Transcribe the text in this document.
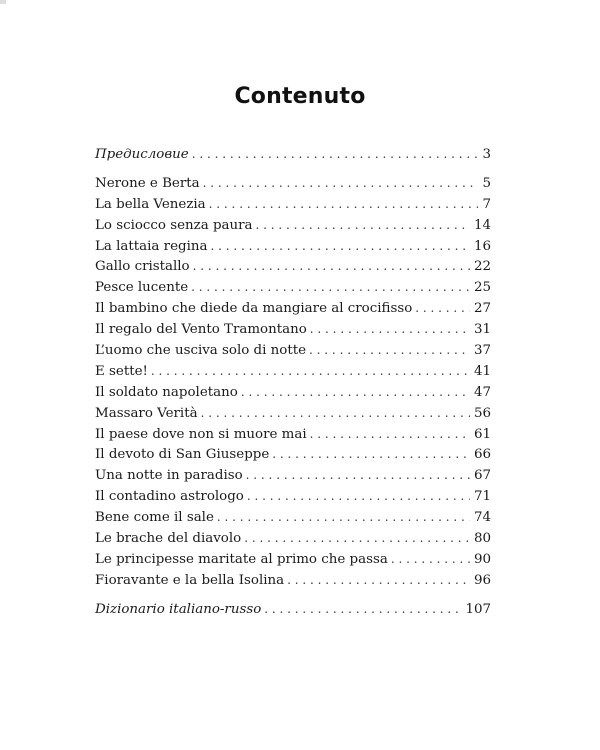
Contenuto
Предисловие . . .	3
Nerone e Berta . . .	5
La bella Venezia . . .	7
Lo sciocco senza paura . . .	14
La lattaia regina . . .	16
Gallo cristallo . . .	22
Pesce lucente . . .	25
Il bambino che diede da mangiare al crocifisso . . .	27
Il regalo del Vento Tramontano . . .	31
L’uomo che usciva solo di notte . . .	37
E sette! . . .	41
Il soldato napoletano . . .	47
Massaro Verità . . .	56
Il paese dove non si muore mai . . .	61
Il devoto di San Giuseppe . . .	66
Una notte in paradiso . . .	67
Il contadino astrologo . . .	71
Bene come il sale . . .	74
Le brache del diavolo . . .	80
Le principesse maritate al primo che passa . . .	90
Fioravante e la bella Isolina . . .	96
Dizionario italiano-russo . . .	107
